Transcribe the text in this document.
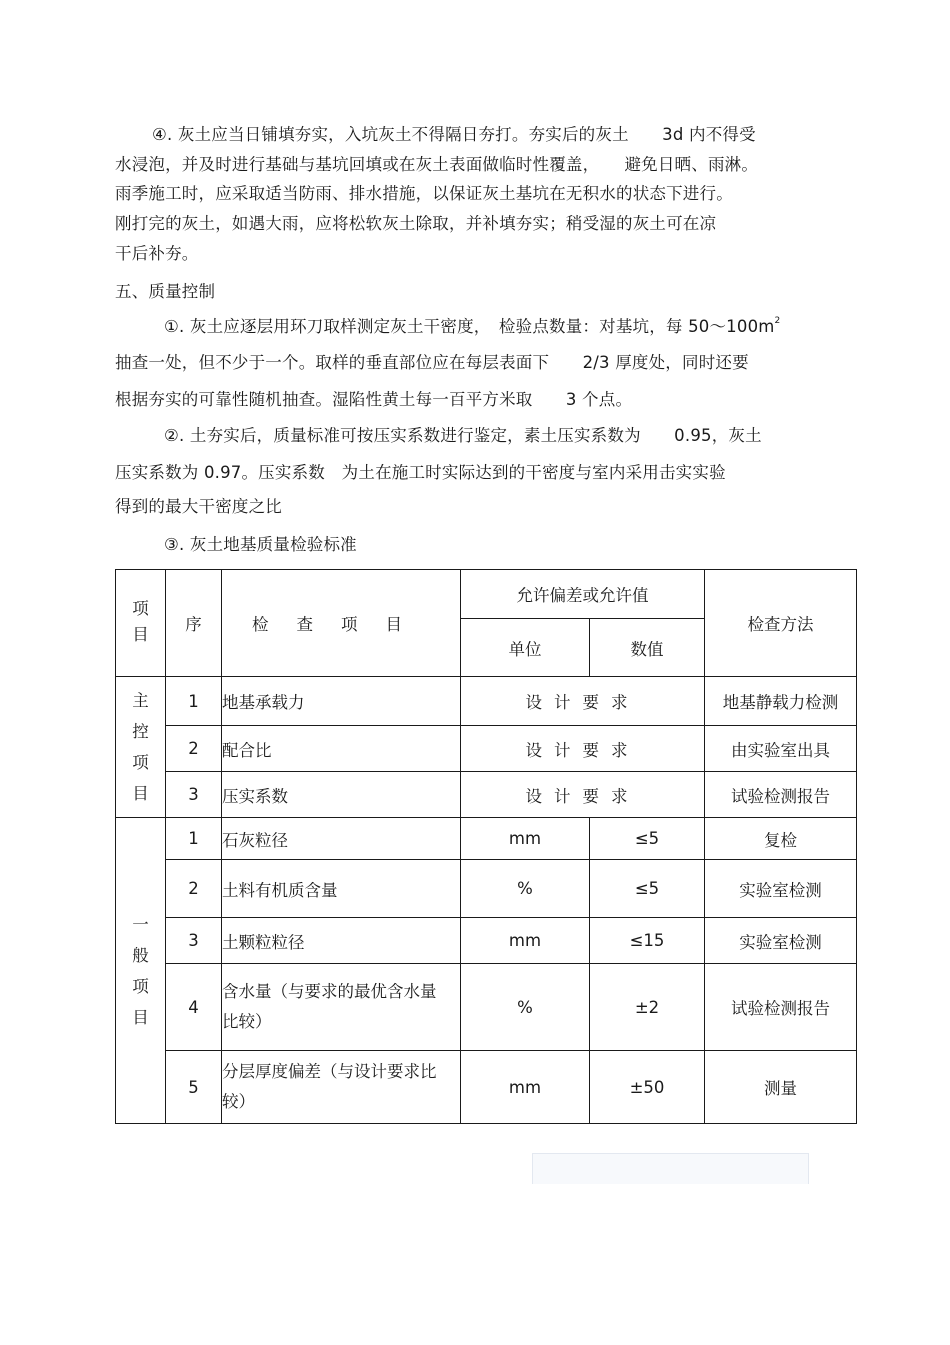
④. 灰土应当日铺填夯实，入坑灰土不得隔日夯打。夯实后的灰土　　3d 内不得受
水浸泡，并及时进行基础与基坑回填或在灰土表面做临时性覆盖，　　避免日晒、雨淋。
雨季施工时，应采取适当防雨、排水措施，以保证灰土基坑在无积水的状态下进行。
刚打完的灰土，如遇大雨，应将松软灰土除取，并补填夯实；稍受湿的灰土可在凉
干后补夯。
五、质量控制
①. 灰土应逐层用环刀取样测定灰土干密度，　检验点数量：对基坑，每 $50\sim 100m^2$
抽查一处，但不少于一个。取样的垂直部位应在每层表面下　　2/3 厚度处，同时还要
根据夯实的可靠性随机抽查。湿陷性黄土每一百平方米取　　3 个点。
②. 土夯实后，质量标准可按压实系数进行鉴定，素土压实系数为　　0.95，灰土
压实系数为 0.97。压实系数　为土在施工时实际达到的干密度与室内采用击实实验
得到的最大干密度之比
③. 灰土地基质量检验标准
项目	序	检查项目	允许偏差或允许值		检查方法
			单位	数值	
主控项目	1	地基承载力	设计要求		地基静载力检测
	2	配合比	设计要求		由实验室出具
	3	压实系数	设计要求		试验检测报告
一般项目	1	石灰粒径	mm	≤5	复检
	2	土料有机质含量	%	≤5	实验室检测
	3	土颗粒粒径	mm	≤15	实验室检测
	4	含水量（与要求的最优含水量比较）	%	±2	试验检测报告
	5	分层厚度偏差（与设计要求比较）	mm	±50	测量
